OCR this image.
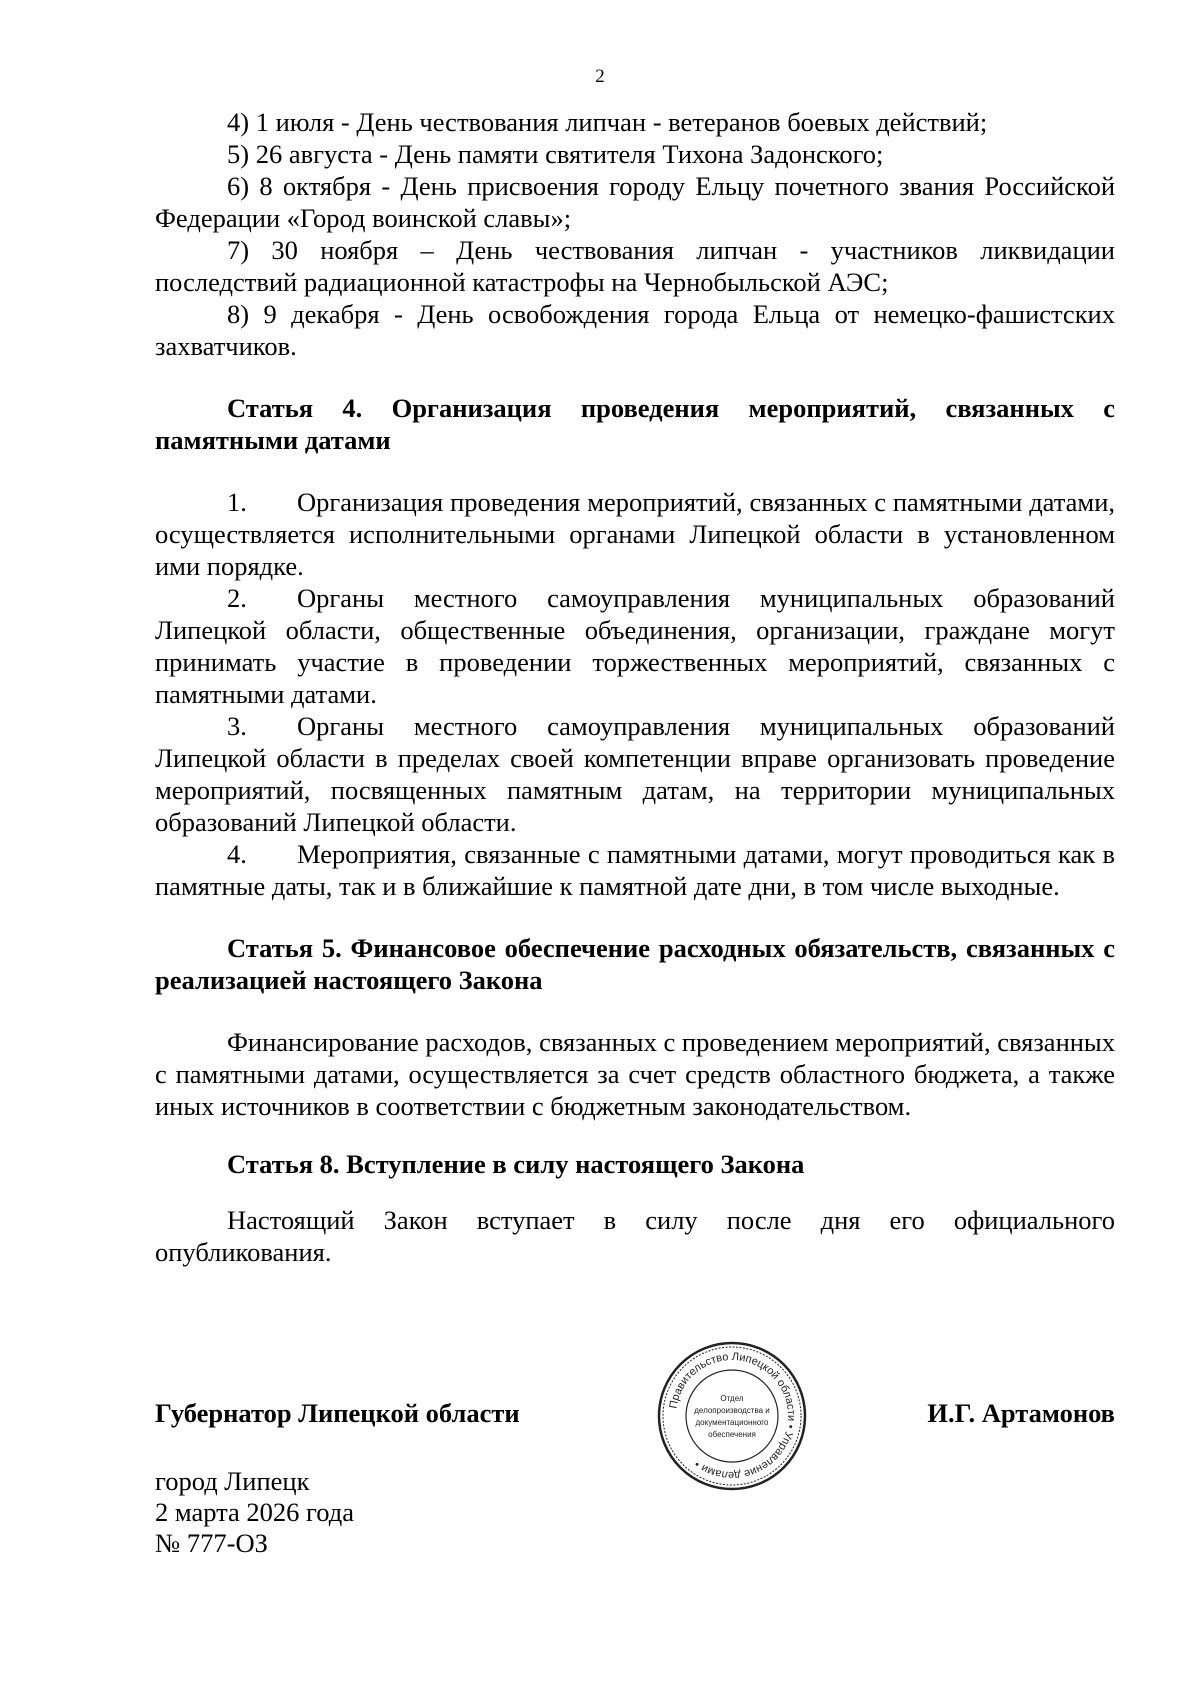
2

4) 1 июля - День чествования липчан - ветеранов боевых действий;

5) 26 августа - День памяти святителя Тихона Задонского;

6) 8 октября - День присвоения городу Ельцу почетного звания Российской Федерации «Город воинской славы»;

7) 30 ноября – День чествования липчан - участников ликвидации последствий радиационной катастрофы на Чернобыльской АЭС;

8) 9 декабря - День освобождения города Ельца от немецко-фашистских захватчиков.

Статья 4. Организация проведения мероприятий, связанных с памятными датами

1. Организация проведения мероприятий, связанных с памятными датами, осуществляется исполнительными органами Липецкой области в установленном ими порядке.

2. Органы местного самоуправления муниципальных образований Липецкой области, общественные объединения, организации, граждане могут принимать участие в проведении торжественных мероприятий, связанных с памятными датами.

3. Органы местного самоуправления муниципальных образований Липецкой области в пределах своей компетенции вправе организовать проведение мероприятий, посвященных памятным датам, на территории муниципальных образований Липецкой области.

4. Мероприятия, связанные с памятными датами, могут проводиться как в памятные даты, так и в ближайшие к памятной дате дни, в том числе выходные.

Статья 5. Финансовое обеспечение расходных обязательств, связанных с реализацией настоящего Закона

Финансирование расходов, связанных с проведением мероприятий, связанных с памятными датами, осуществляется за счет средств областного бюджета, а также иных источников в соответствии с бюджетным законодательством.

Статья 8. Вступление в силу настоящего Закона

Настоящий Закон вступает в силу после дня его официального опубликования.

Губернатор Липецкой области	И.Г. Артамонов
Правительство Липецкой области • Управление делами •
Отдел
делопроизводства и
документационного
обеспечения
город Липецк
2 марта 2026 года
№ 777-ОЗ
